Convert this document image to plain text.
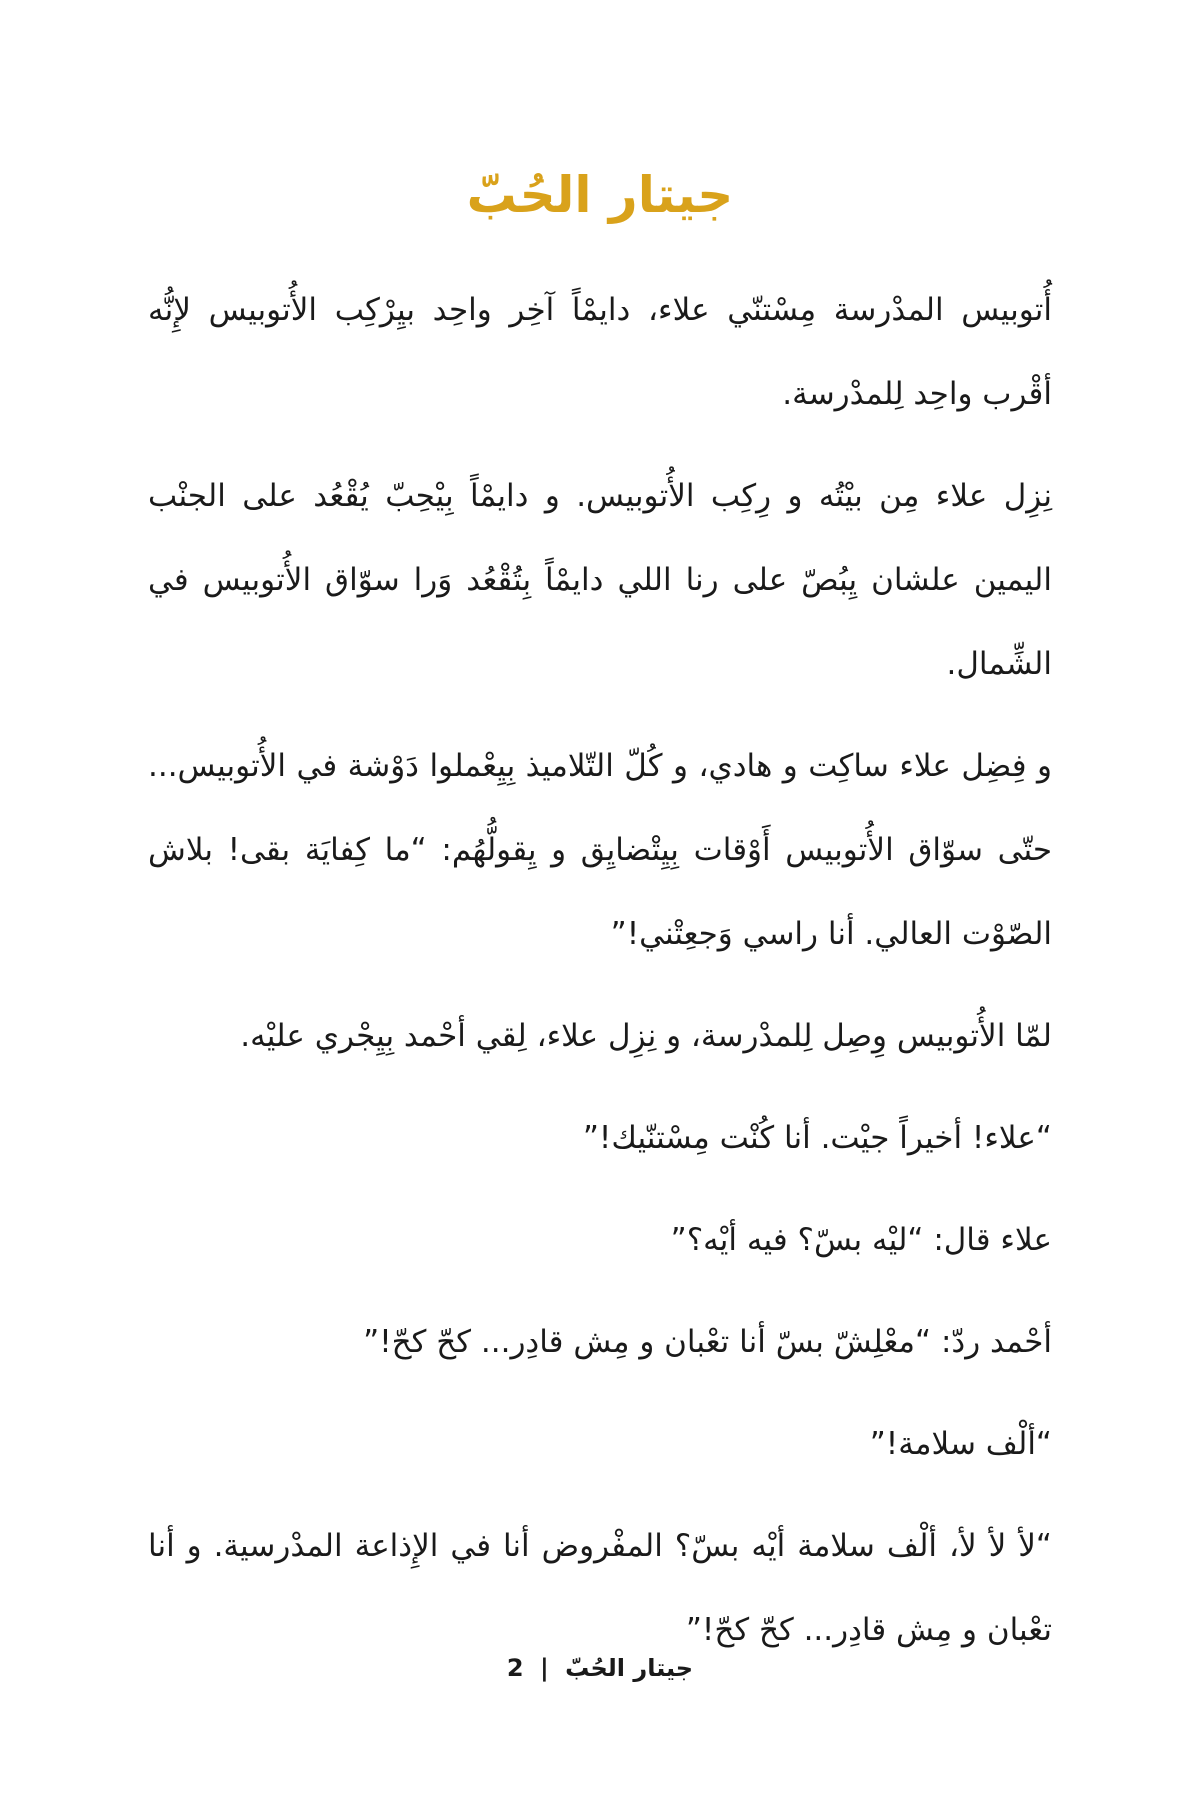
جيتار الحُبّ

أُتوبيس المدْرسة مِسْتنّي علاء، دايمْاً آخِر واحِد بيِرْكِب الأُتوبيس لإِنُّه أقْرب واحِد لِلمدْرسة.

نِزِل علاء مِن بيْتُه و رِكِب الأُتوبيس. و دايمْاً بِيْحِبّ يُقْعُد على الجنْب اليمين علشان يِبُصّ على رنا اللي دايمْاً بِتُقْعُد وَرا سوّاق الأُتوبيس في الشِّمال.

و فِضِل علاء ساكِت و هادي، و كُلّ التّلاميذ بِيِعْملوا دَوْشة في الأُتوبيس... حتّى سوّاق الأُتوبيس أَوْقات بِيِتْضايِق و يِقولُّهُم: “ما كِفايَة بقى! بلاش الصّوْت العالي. أنا راسي وَجعِتْني!”

لمّا الأُتوبيس وِصِل لِلمدْرسة، و نِزِل علاء، لِقي أحْمد بِيِجْري عليْه.

“علاء! أخيراً جيْت. أنا كُنْت مِسْتنّيك!”

علاء قال: “ليْه بسّ؟ فيه أيْه؟”

أحْمد ردّ: “معْلِشّ بسّ أنا تعْبان و مِش قادِر... كحّ كحّ!”

“ألْف سلامة!”

“لأ لأ لأ، ألْف سلامة أيْه بسّ؟ المفْروض أنا في الإِذاعة المدْرسية. و أنا تعْبان و مِش قادِر... كحّ كحّ!”

جيتار الحُبّ | 2
